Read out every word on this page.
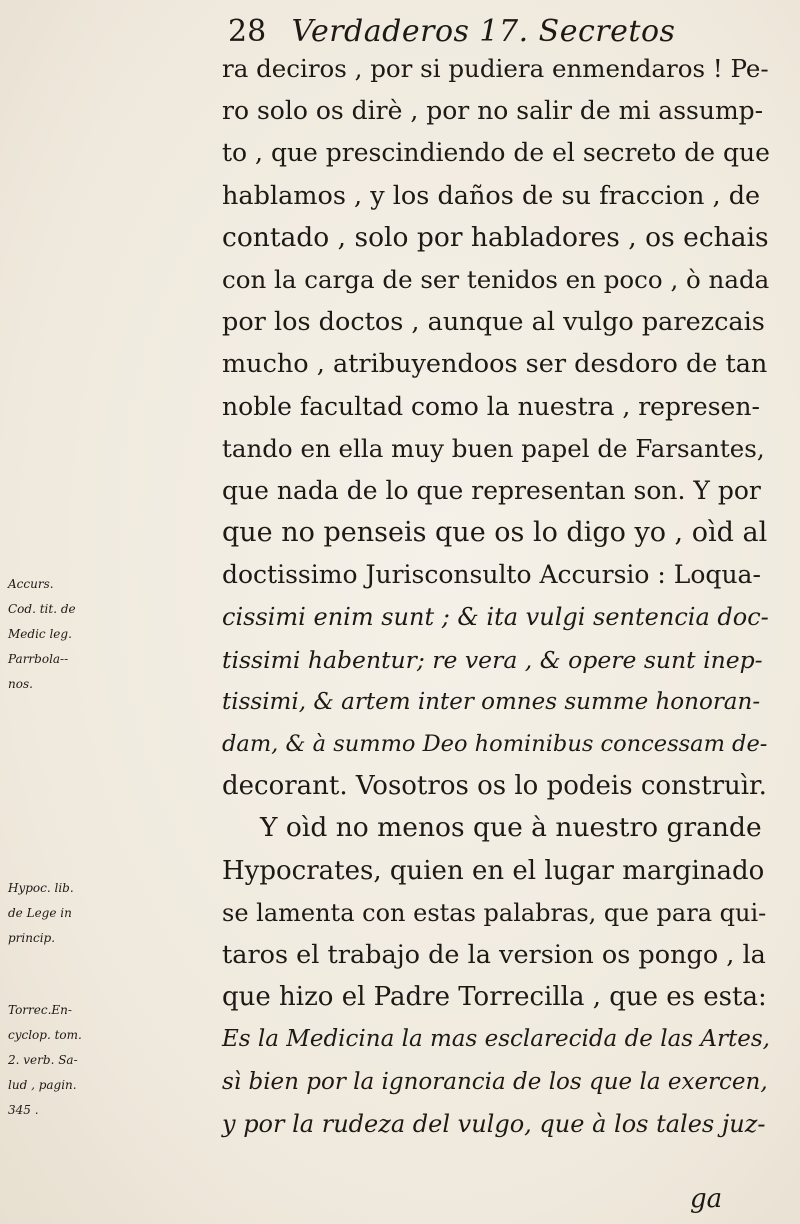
28 Verdaderos 17. Secretos
ra deciros , por si pudiera enmendaros ! Pe-
ro solo os dirè , por no salir de mi assump-
to , que prescindiendo de el secreto de que
hablamos , y los daños de su fraccion , de
contado , solo por habladores , os echais
con la carga de ser tenidos en poco , ò nada
por los doctos , aunque al vulgo parezcais
mucho , atribuyendoos ser desdoro de tan
noble facultad como la nuestra , represen-
tando en ella muy buen papel de Farsantes,
que nada de lo que representan son. Y por
que no penseis que os lo digo yo , oìd al
doctissimo Jurisconsulto Accursio : Loqua-
cissimi enim sunt ; & ita vulgi sentencia doc-
tissimi habentur; re vera , & opere sunt inep-
tissimi, & artem inter omnes summe honoran-
dam, & à summo Deo hominibus concessam de-
decorant. Vosotros os lo podeis construìr.
Y oìd no menos que à nuestro grande
Hypocrates, quien en el lugar marginado
se lamenta con estas palabras, que para qui-
taros el trabajo de la version os pongo , la
que hizo el Padre Torrecilla , que es esta:
Es la Medicina la mas esclarecida de las Artes,
sì bien por la ignorancia de los que la exercen,
y por la rudeza del vulgo, que à los tales juz-
Accurs.
Cod. tit. de
Medic leg.
Parrbola--
nos.
Hypoc. lib.
de Lege in
princip.
Torrec.En-
cyclop. tom.
2. verb. Sa-
lud , pagin.
345 .
ga
